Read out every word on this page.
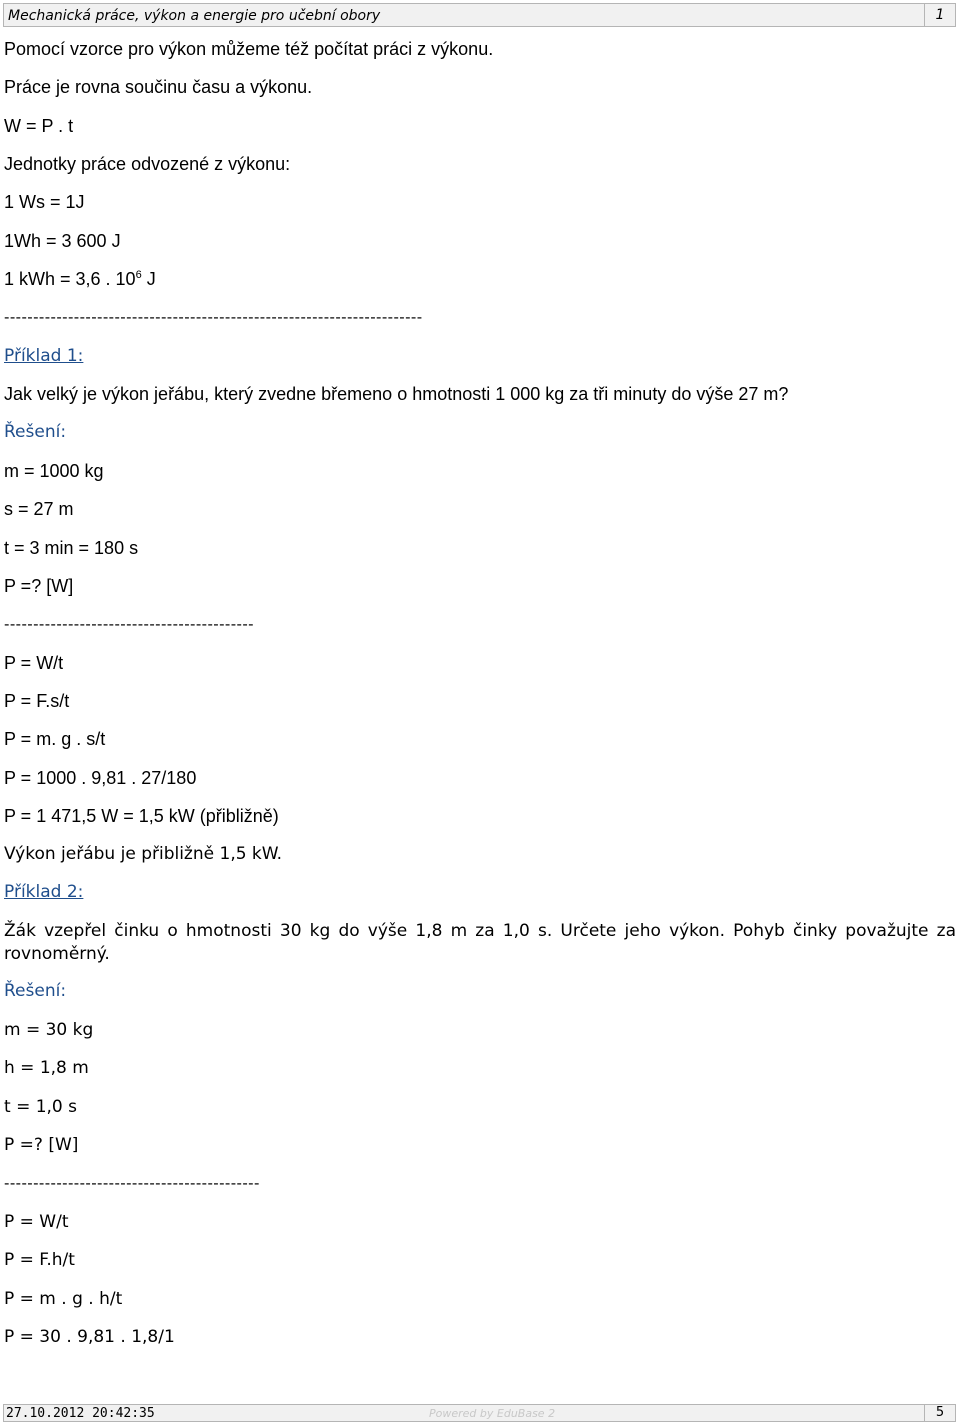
Mechanická práce, výkon a energie pro učební obory	1
Pomocí vzorce pro výkon můžeme též počítat práci z výkonu.
Práce je rovna součinu času a výkonu.
W = P . t
Jednotky práce odvozené z výkonu:
1 Ws = 1J
1Wh = 3 600 J
1 kWh = 3,6 . $10^6$ J
------------------------------------------------------------------------
Příklad 1:
Jak velký je výkon jeřábu, který zvedne břemeno o hmotnosti 1 000 kg za tři minuty do výše 27 m?
Řešení:
m = 1000 kg
s = 27 m
t = 3 min = 180 s
P =? [W]
-------------------------------------------
P = W/t
P = F.s/t
P = m. g . s/t
P = 1000 . 9,81 . 27/180
P = 1 471,5 W = 1,5 kW (přibližně)
Výkon jeřábu je přibližně 1,5 kW.
Příklad 2:
Žák vzepřel činku o hmotnosti 30 kg do výše 1,8 m za 1,0 s. Určete jeho výkon. Pohyb činky považujte za rovnoměrný.
Řešení:
m = 30 kg
h = 1,8 m
t = 1,0 s
P =? [W]
--------------------------------------------
P = W/t
P = F.h/t
P = m . g . h/t
P = 30 . 9,81 . 1,8/1
27.10.2012 20:42:35	Powered by EduBase 2	5
